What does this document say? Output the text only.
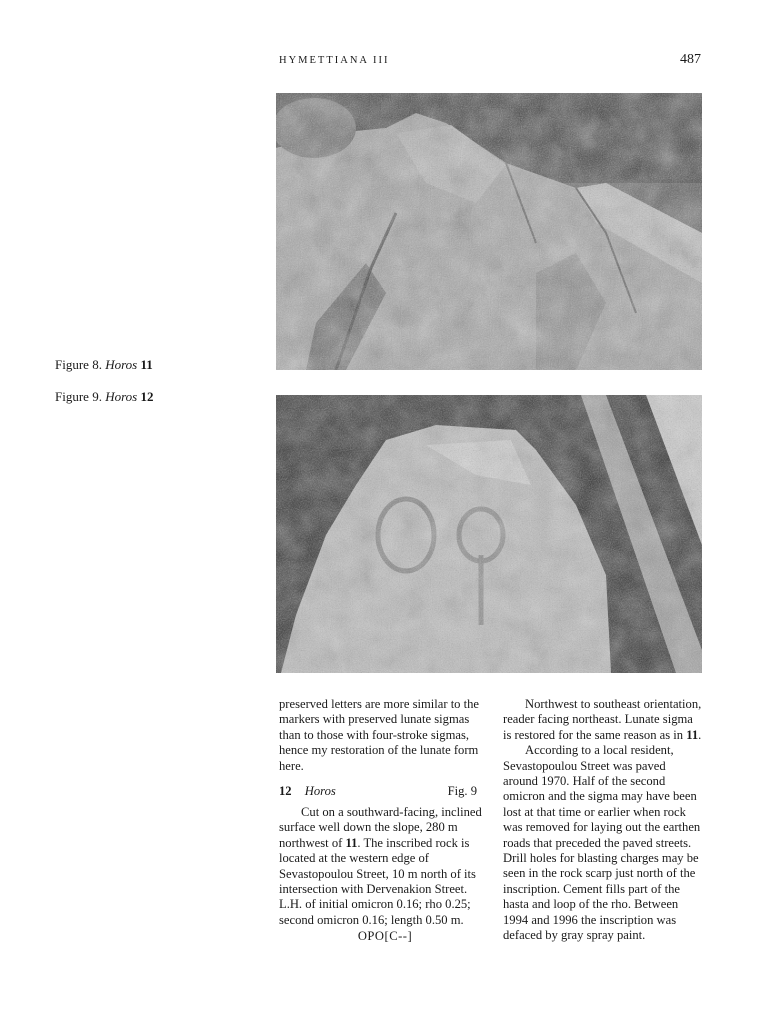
HYMETTIANA III	487
Figure 8. Horos 11
Figure 9. Horos 12

preserved letters are more similar to the markers with preserved lunate sigmas than to those with four-stroke sigmas, hence my restoration of the lunate form here.

12 Horos	Fig. 9

Cut on a southward-facing, inclined surface well down the slope, 280 m northwest of 11. The inscribed rock is located at the western edge of Sevastopoulou Street, 10 m north of its intersection with Dervenakion Street. L.H. of initial omicron 0.16; rho 0.25; second omicron 0.16; length 0.50 m.

OPO[C--]

Northwest to southeast orientation, reader facing northeast. Lunate sigma is restored for the same reason as in 11.

According to a local resident, Sevastopoulou Street was paved around 1970. Half of the second omicron and the sigma may have been lost at that time or earlier when rock was removed for laying out the earthen roads that preceded the paved streets. Drill holes for blasting charges may be seen in the rock scarp just north of the inscription. Cement fills part of the hasta and loop of the rho. Between 1994 and 1996 the inscription was defaced by gray spray paint.
